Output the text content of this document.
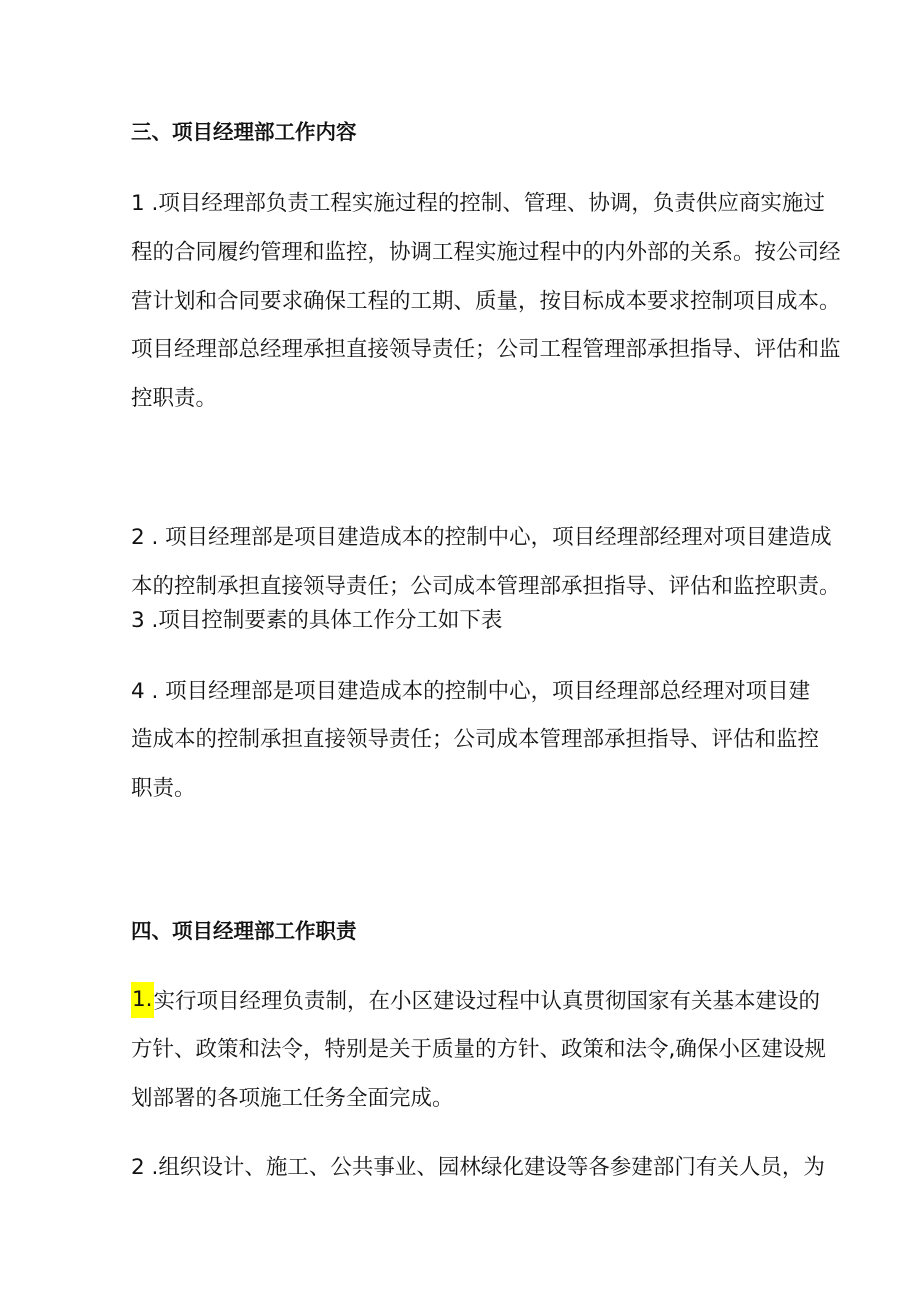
三、项目经理部工作内容

1 .项目经理部负责工程实施过程的控制、管理、协调，负责供应商实施过

程的合同履约管理和监控，协调工程实施过程中的内外部的关系。按公司经

营计划和合同要求确保工程的工期、质量，按目标成本要求控制项目成本。

项目经理部总经理承担直接领导责任；公司工程管理部承担指导、评估和监

控职责。

2 . 项目经理部是项目建造成本的控制中心，项目经理部经理对项目建造成

本的控制承担直接领导责任；公司成本管理部承担指导、评估和监控职责。

3 .项目控制要素的具体工作分工如下表

4 . 项目经理部是项目建造成本的控制中心，项目经理部总经理对项目建

造成本的控制承担直接领导责任；公司成本管理部承担指导、评估和监控

职责。

四、项目经理部工作职责

1.实行项目经理负责制，在小区建设过程中认真贯彻国家有关基本建设的

方针、政策和法令，特别是关于质量的方针、政策和法令,确保小区建设规

划部署的各项施工任务全面完成。

2 .组织设计、施工、公共事业、园林绿化建设等各参建部门有关人员，为
